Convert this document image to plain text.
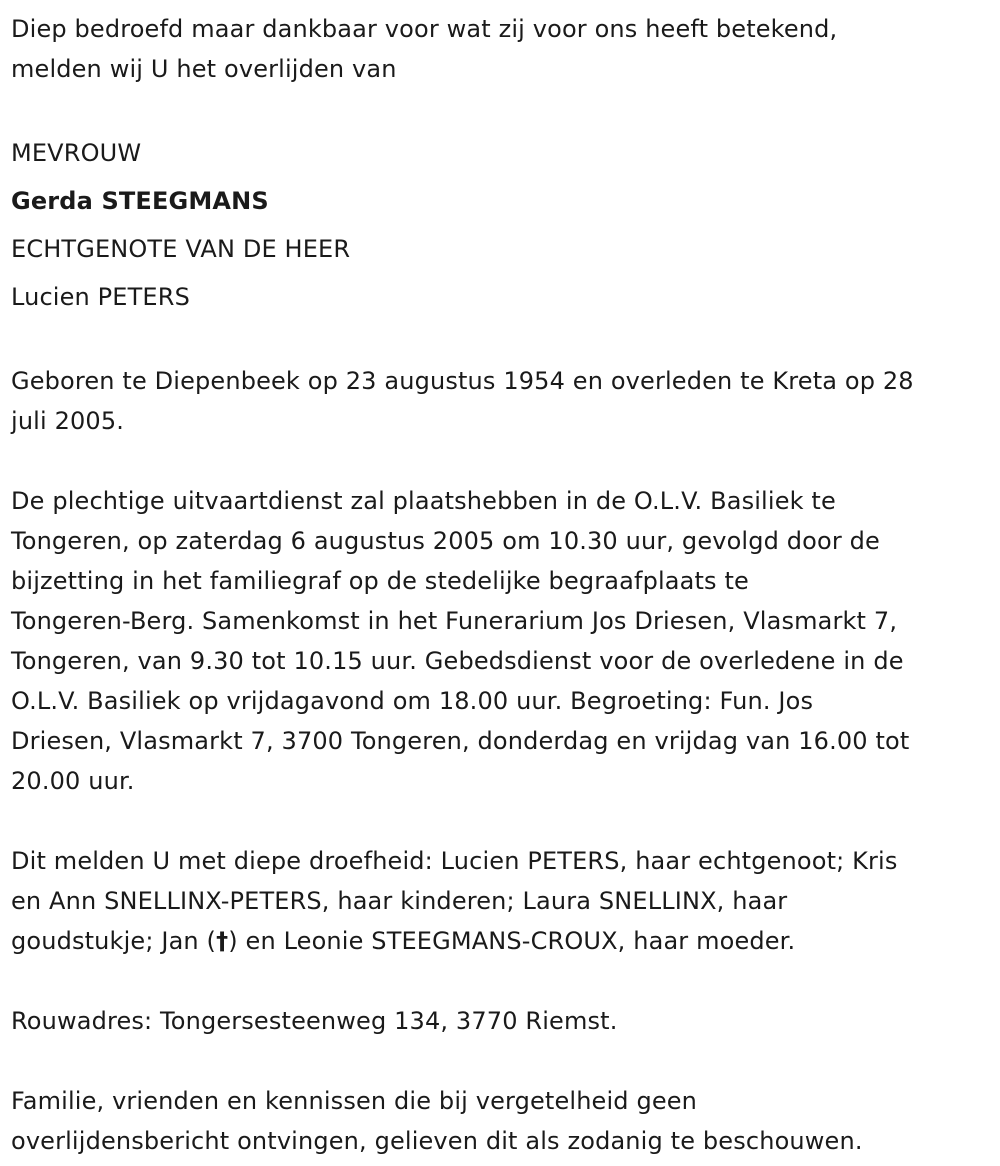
Diep bedroefd maar dankbaar voor wat zij voor ons heeft betekend,
melden wij U het overlijden van

MEVROUW
Gerda STEEGMANS
ECHTGENOTE VAN DE HEER
Lucien PETERS

Geboren te Diepenbeek op 23 augustus 1954 en overleden te Kreta op 28
juli 2005.

De plechtige uitvaartdienst zal plaatshebben in de O.L.V. Basiliek te
Tongeren, op zaterdag 6 augustus 2005 om 10.30 uur, gevolgd door de
bijzetting in het familiegraf op de stedelijke begraafplaats te
Tongeren-Berg. Samenkomst in het Funerarium Jos Driesen, Vlasmarkt 7,
Tongeren, van 9.30 tot 10.15 uur. Gebedsdienst voor de overledene in de
O.L.V. Basiliek op vrijdagavond om 18.00 uur. Begroeting: Fun. Jos
Driesen, Vlasmarkt 7, 3700 Tongeren, donderdag en vrijdag van 16.00 tot
20.00 uur.

Dit melden U met diepe droefheid: Lucien PETERS, haar echtgenoot; Kris
en Ann SNELLINX-PETERS, haar kinderen; Laura SNELLINX, haar
goudstukje; Jan (†) en Leonie STEEGMANS-CROUX, haar moeder.

Rouwadres: Tongersesteenweg 134, 3770 Riemst.

Familie, vrienden en kennissen die bij vergetelheid geen
overlijdensbericht ontvingen, gelieven dit als zodanig te beschouwen.
